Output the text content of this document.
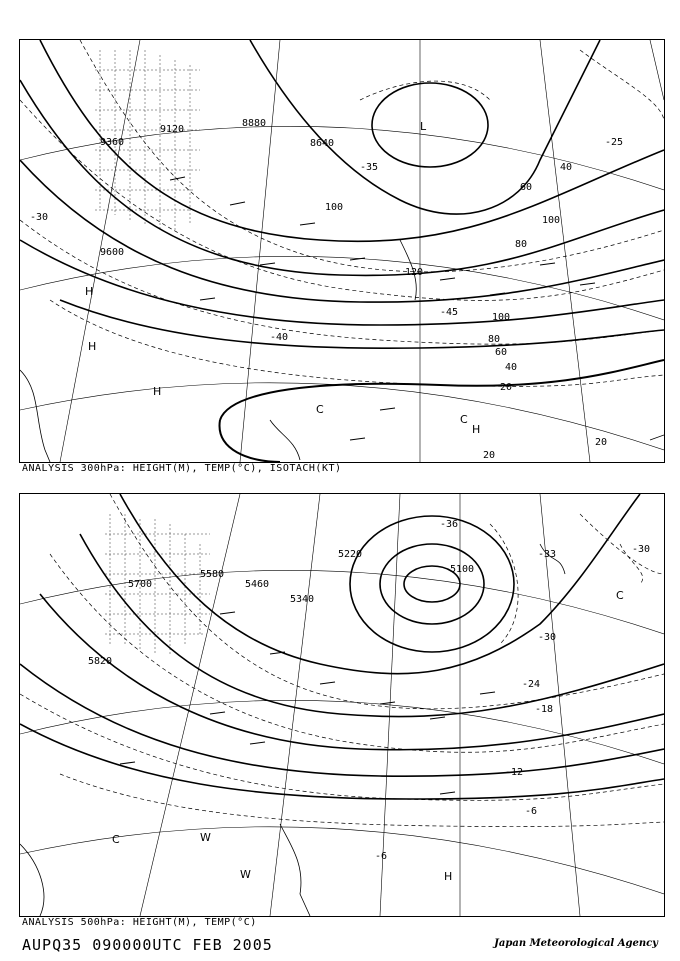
9600
9120
8880
8640
9360
100
120
100
80
60
40
20
40
60
80
100
20
20
-25
-30
-35
-40
-45
L
H
H
H
C
C
H
ANALYSIS 300hPa: HEIGHT(M), TEMP(°C), ISOTACH(KT)
5700
5580
5460
5340
5220
5100
5820
-36
-33	-30
-30
-24
-18
-12
-6
-6
C
C	W
W	H
ANALYSIS 500hPa: HEIGHT(M), TEMP(°C)
AUPQ35 090000UTC FEB 2005	Japan Meteorological Agency
